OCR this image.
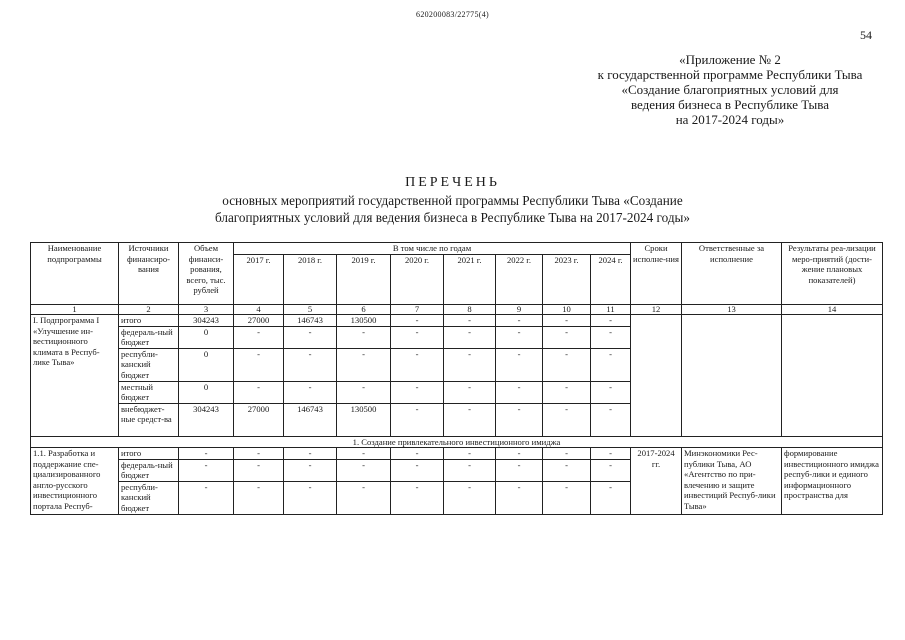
620200083/22775(4)
54
«Приложение № 2
к государственной программе Республики Тыва
«Создание благоприятных условий для
ведения бизнеса в Республике Тыва
на 2017-2024 годы»
ПЕРЕЧЕНЬ
основных мероприятий государственной программы Республики Тыва «Создание
благоприятных условий для ведения бизнеса в Республике Тыва на 2017-2024 годы»
Наименование подпрограммы	Источники финансиро-вания	Объем финанси-рования, всего, тыс. рублей	В том числе по годам								Сроки исполне-ния	Ответственные за исполнение	Результаты реа-лизации меро-приятий (дости-жение плановых показателей)
			2017 г.	2018 г.	2019 г.	2020 г.	2021 г.	2022 г.	2023 г.	2024 г.			
1	2	3	4	5	6	7	8	9	10	11	12	13	14
I. Подпрограмма I «Улучшение ин-вестиционного климата в Респуб-лике Тыва»	итого	304243	27000	146743	130500	-	-	-	-	-			
	федераль-ный бюджет	0	-	-	-	-	-	-	-	-			
	республи-канский бюджет	0	-	-	-	-	-	-	-	-			
	местный бюджет	0	-	-	-	-	-	-	-	-			
	внебюджет-ные средст-ва	304243	27000	146743	130500	-	-	-	-	-			
1. Создание привлекательного инвестиционного имиджа													
1.1. Разработка и поддержание спе-циализированного англо-русского инвестиционного портала Респуб-	итого	-	-	-	-	-	-	-	-	-	2017-2024 гг.	Минэкономики Рес-публики Тыва, АО «Агентство по при-влечению и защите инвестиций Респуб-лики Тыва»	формирование инвестиционного имиджа респуб-лики и единого информационного пространства для
	федераль-ный бюджет	-	-	-	-	-	-	-	-	-			
	республи-канский бюджет	-	-	-	-	-	-	-	-	-			
